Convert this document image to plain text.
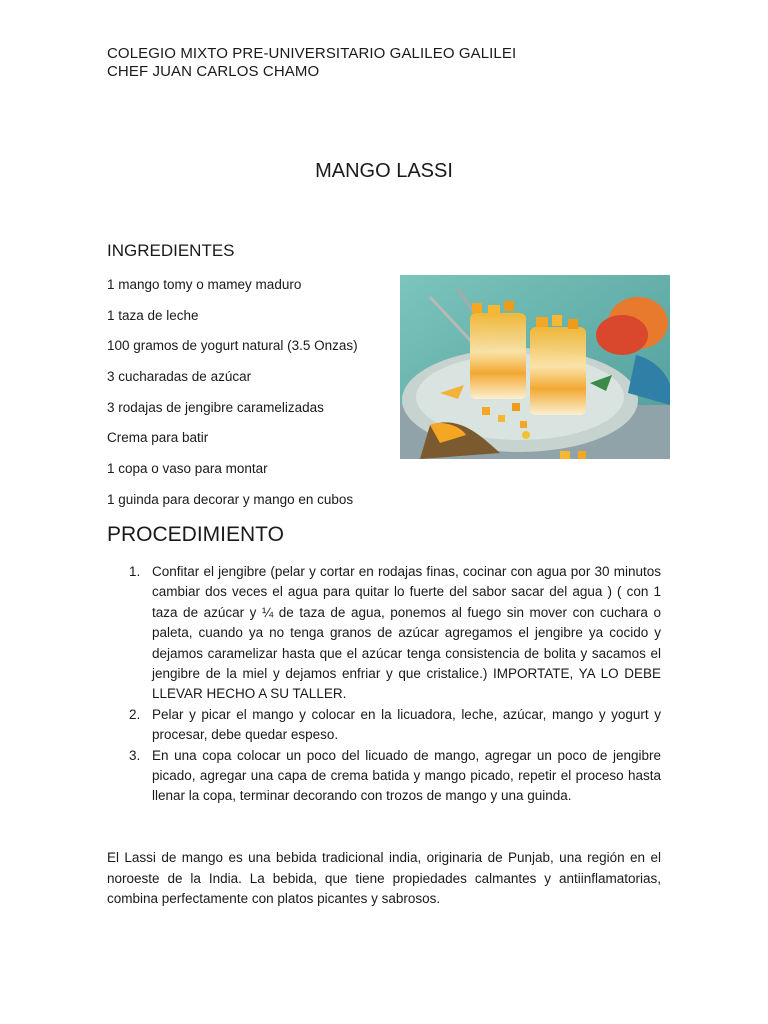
COLEGIO MIXTO PRE-UNIVERSITARIO GALILEO GALILEI
CHEF JUAN CARLOS CHAMO
MANGO LASSI
INGREDIENTES
1 mango tomy o mamey maduro
1 taza de leche
100 gramos de yogurt natural (3.5 Onzas)
3 cucharadas de azúcar
3 rodajas de jengibre caramelizadas
Crema para batir
1 copa o vaso para montar
1 guinda para decorar y mango en cubos
PROCEDIMIENTO
1. Confitar el jengibre (pelar y cortar en rodajas finas, cocinar con agua por 30 minutos cambiar dos veces el agua para quitar lo fuerte del sabor sacar del agua ) ( con 1 taza de azúcar y ¼ de taza de agua, ponemos al fuego sin mover con cuchara o paleta, cuando ya no tenga granos de azúcar agregamos el jengibre ya cocido y dejamos caramelizar hasta que el azúcar tenga consistencia de bolita y sacamos el jengibre de la miel y dejamos enfriar y que cristalice.) IMPORTATE, YA LO DEBE LLEVAR HECHO A SU TALLER.
2. Pelar y picar el mango y colocar en la licuadora, leche, azúcar, mango y yogurt y procesar, debe quedar espeso.
3. En una copa colocar un poco del licuado de mango, agregar un poco de jengibre picado, agregar una capa de crema batida y mango picado, repetir el proceso hasta llenar la copa, terminar decorando con trozos de mango y una guinda.

El Lassi de mango es una bebida tradicional india, originaria de Punjab, una región en el noroeste de la India. La bebida, que tiene propiedades calmantes y antiinflamatorias, combina perfectamente con platos picantes y sabrosos.
